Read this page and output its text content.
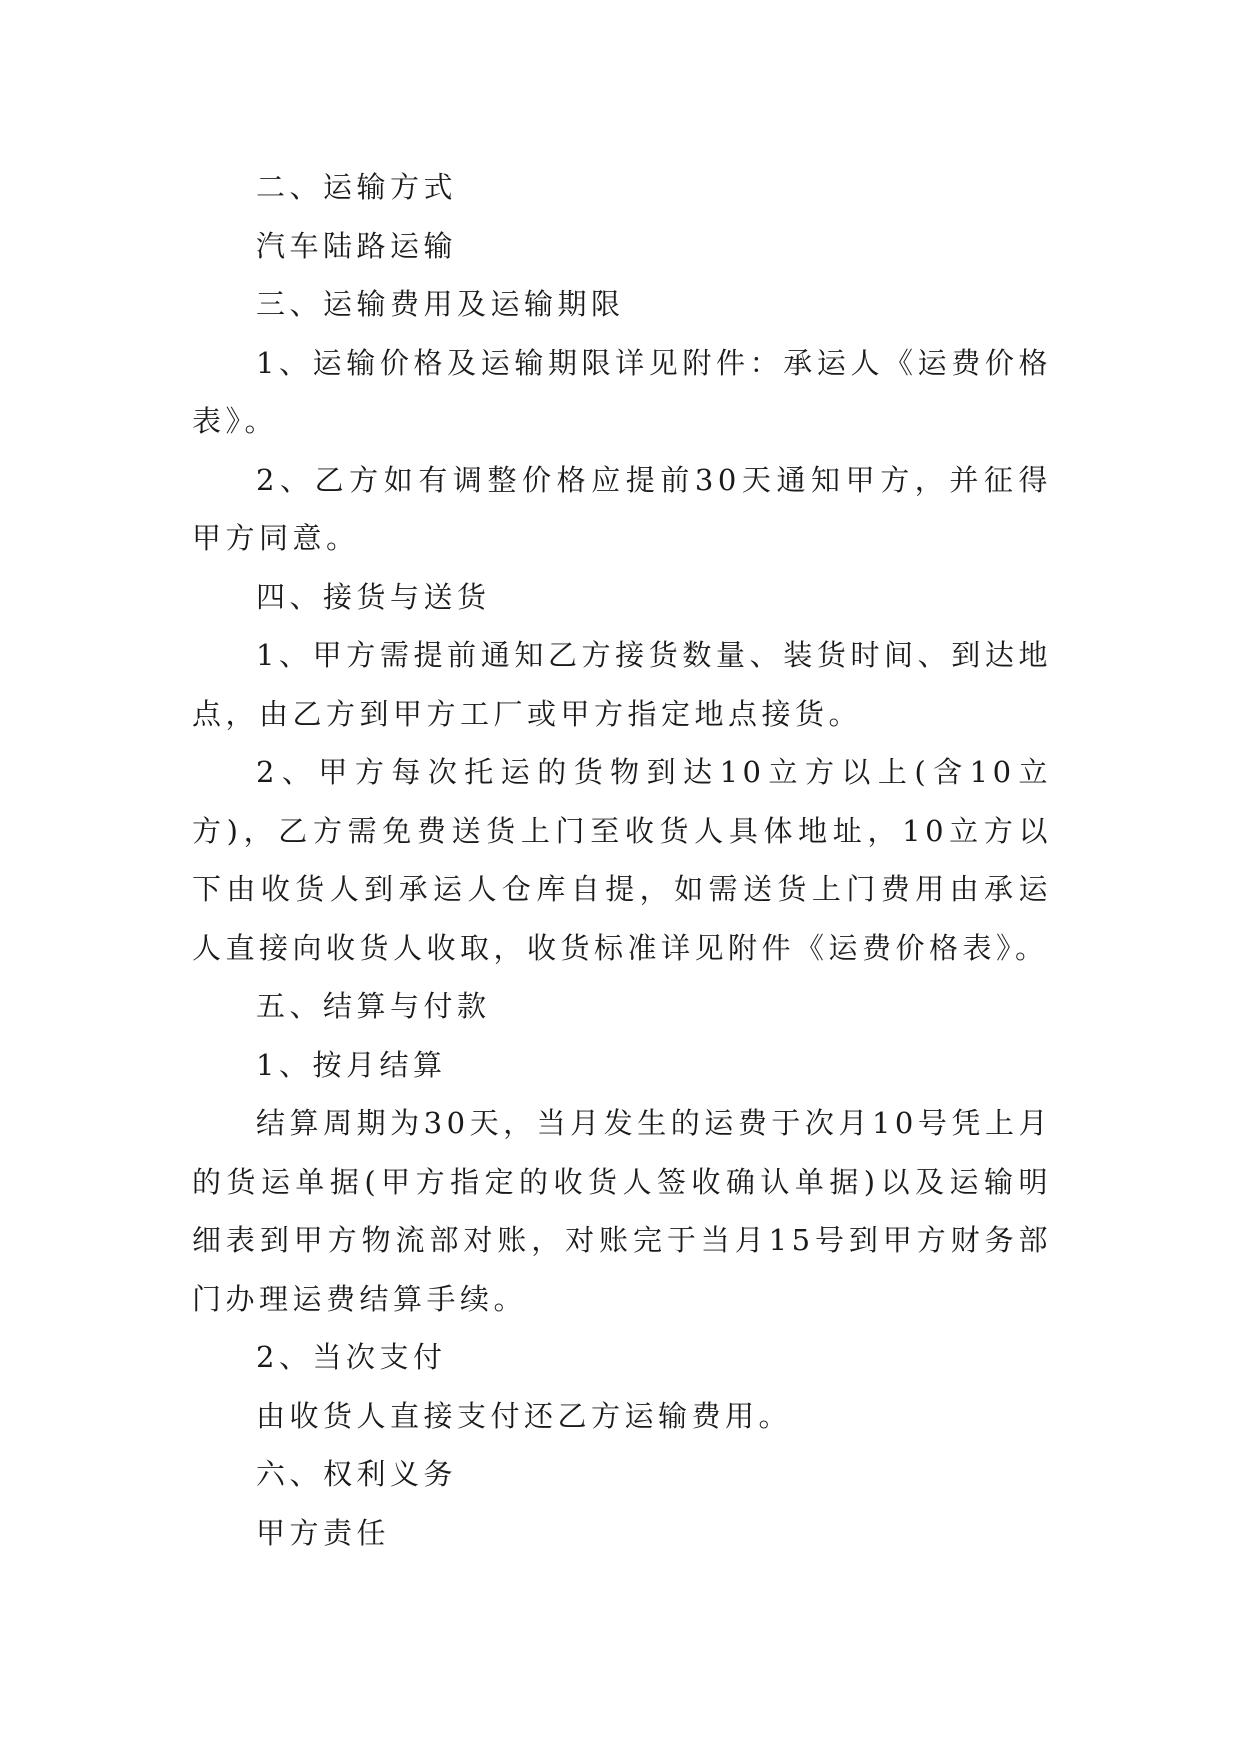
二、运输方式

汽车陆路运输

三、运输费用及运输期限

1、运输价格及运输期限详见附件：承运人《运费价格表》。

2、乙方如有调整价格应提前30天通知甲方，并征得甲方同意。

四、接货与送货

1、甲方需提前通知乙方接货数量、装货时间、到达地点，由乙方到甲方工厂或甲方指定地点接货。

2、甲方每次托运的货物到达10立方以上(含10立方)，乙方需免费送货上门至收货人具体地址，10立方以下由收货人到承运人仓库自提，如需送货上门费用由承运人直接向收货人收取，收货标准详见附件《运费价格表》。

五、结算与付款

1、按月结算

结算周期为30天，当月发生的运费于次月10号凭上月的货运单据(甲方指定的收货人签收确认单据)以及运输明细表到甲方物流部对账，对账完于当月15号到甲方财务部门办理运费结算手续。

2、当次支付

由收货人直接支付还乙方运输费用。

六、权利义务

甲方责任
